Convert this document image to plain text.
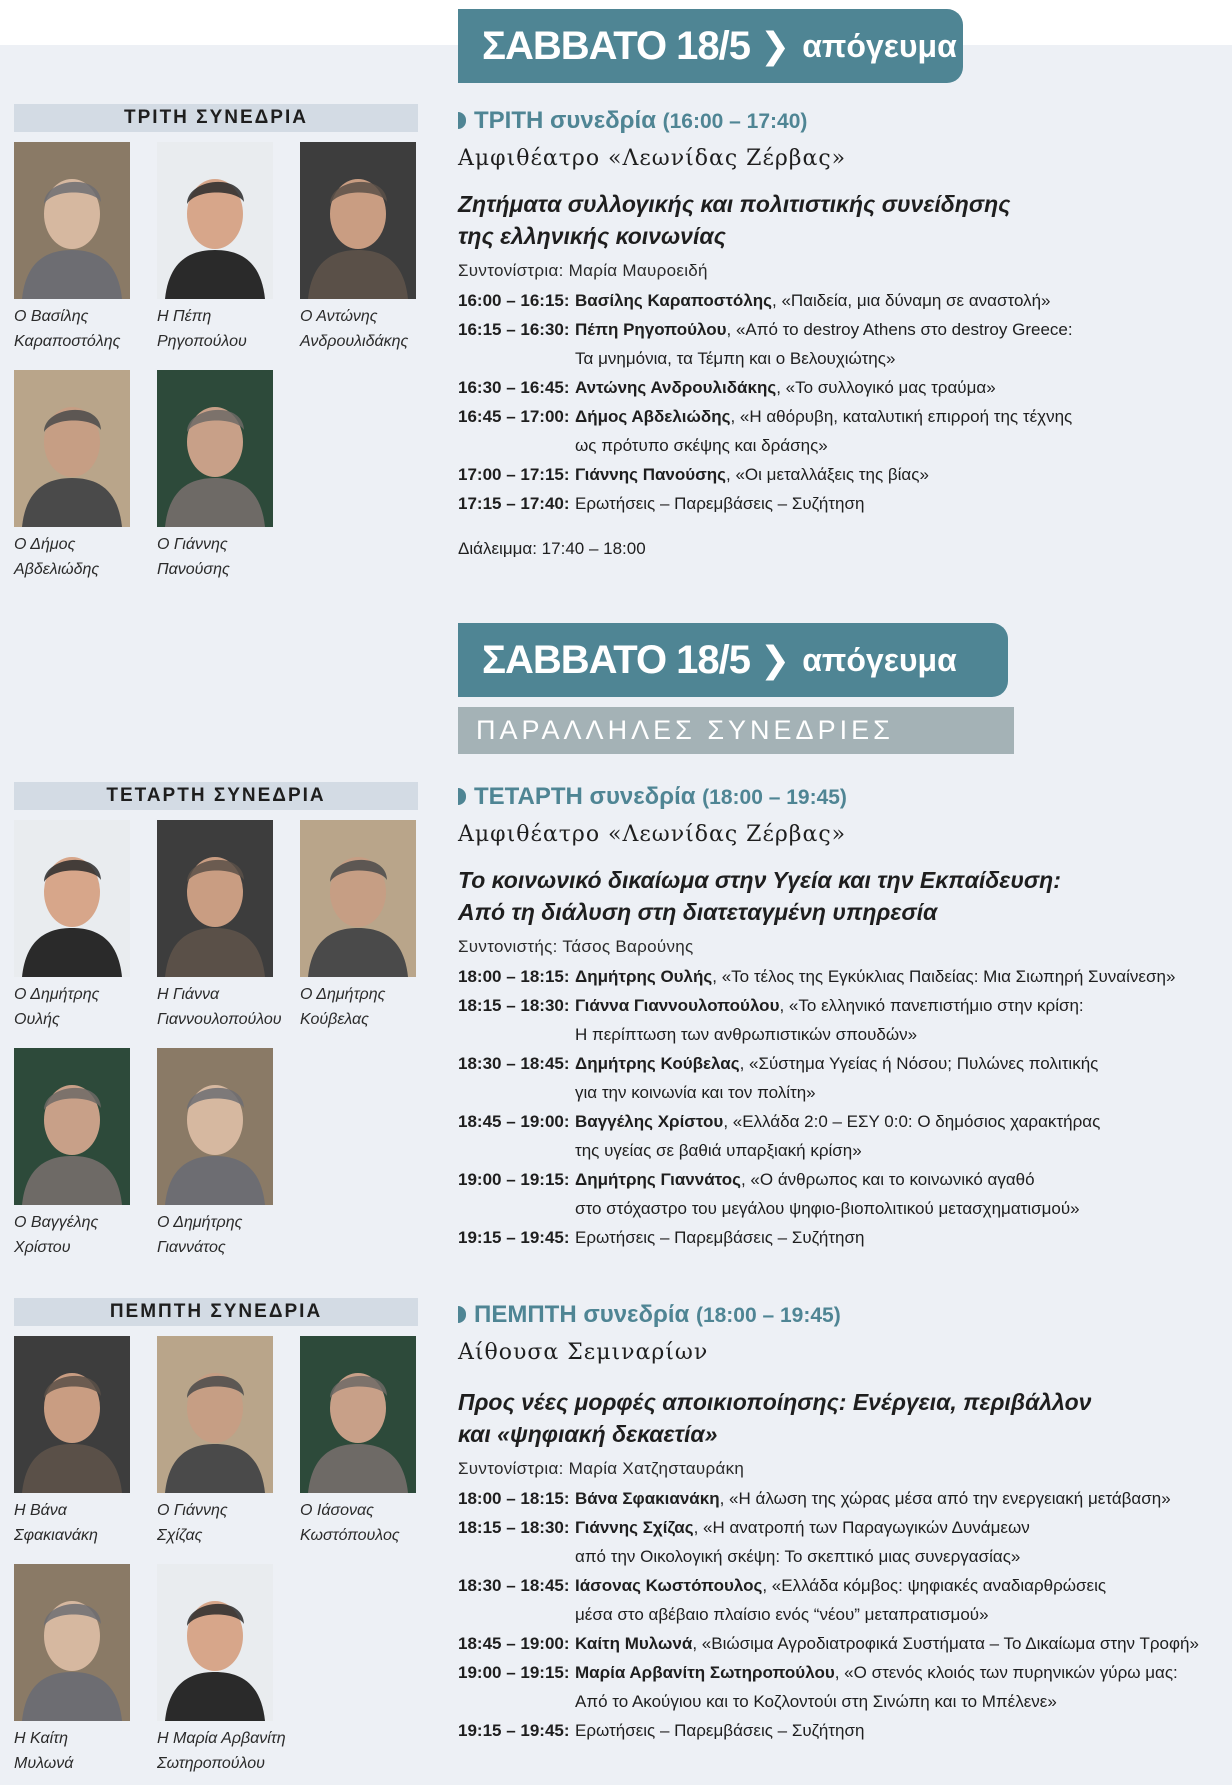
ΣΑΒΒΑΤΟ 18/5 ❯ απόγευμα
ΣΑΒΒΑΤΟ 18/5 ❯ απόγευμα
ΠΑΡΑΛΛΗΛΕΣ ΣΥΝΕΔΡΙΕΣ
ΤΡΙΤΗ ΣΥΝΕΔΡΙΑ
ΤΕΤΑΡΤΗ ΣΥΝΕΔΡΙΑ
ΠΕΜΠΤΗ ΣΥΝΕΔΡΙΑ
Ο Βασίλης
Καραποστόλης
Η Πέπη
Ρηγοπούλου
Ο Αντώνης
Ανδρουλιδάκης
Ο Δήμος
Αβδελιώδης
Ο Γιάννης
Πανούσης
Ο Δημήτρης
Ουλής
Η Γιάννα
Γιαννουλοπούλου
Ο Δημήτρης
Κούβελας
Ο Βαγγέλης
Χρίστου
Ο Δημήτρης
Γιαννάτος
Η Βάνα
Σφακιανάκη
Ο Γιάννης
Σχίζας
Ο Ιάσονας
Κωστόπουλος
Η Καίτη
Μυλωνά
Η Μαρία Αρβανίτη
Σωτηροπούλου
ΤΡΙΤΗ συνεδρία (16:00 – 17:40)
Αμφιθέατρο «Λεωνίδας Ζέρβας»
Ζητήματα συλλογικής και πολιτιστικής συνείδησης
της ελληνικής κοινωνίας
Συντονίστρια: Μαρία Μαυροειδή
16:00 – 16:15: Βασίλης Καραποστόλης, «Παιδεία, μια δύναμη σε αναστολή»
16:15 – 16:30: Πέπη Ρηγοπούλου, «Από το destroy Athens στο destroy Greece:
Τα μνημόνια, τα Τέμπη και ο Βελουχιώτης»
16:30 – 16:45: Αντώνης Ανδρουλιδάκης, «Το συλλογικό μας τραύμα»
16:45 – 17:00: Δήμος Αβδελιώδης, «Η αθόρυβη, καταλυτική επιρροή της τέχνης
ως πρότυπο σκέψης και δράσης»
17:00 – 17:15: Γιάννης Πανούσης, «Οι μεταλλάξεις της βίας»
17:15 – 17:40: Ερωτήσεις – Παρεμβάσεις – Συζήτηση
Διάλειμμα: 17:40 – 18:00
ΤΕΤΑΡΤΗ συνεδρία (18:00 – 19:45)
Αμφιθέατρο «Λεωνίδας Ζέρβας»
Το κοινωνικό δικαίωμα στην Υγεία και την Εκπαίδευση:
Από τη διάλυση στη διατεταγμένη υπηρεσία
Συντονιστής: Τάσος Βαρούνης
18:00 – 18:15: Δημήτρης Ουλής, «Το τέλος της Εγκύκλιας Παιδείας: Μια Σιωπηρή Συναίνεση»
18:15 – 18:30: Γιάννα Γιαννουλοπούλου, «Το ελληνικό πανεπιστήμιο στην κρίση:
Η περίπτωση των ανθρωπιστικών σπουδών»
18:30 – 18:45: Δημήτρης Κούβελας, «Σύστημα Υγείας ή Νόσου; Πυλώνες πολιτικής
για την κοινωνία και τον πολίτη»
18:45 – 19:00: Βαγγέλης Χρίστου, «Ελλάδα 2:0 – ΕΣΥ 0:0: Ο δημόσιος χαρακτήρας
της υγείας σε βαθιά υπαρξιακή κρίση»
19:00 – 19:15: Δημήτρης Γιαννάτος, «Ο άνθρωπος και το κοινωνικό αγαθό
στο στόχαστρο του μεγάλου ψηφιο-βιοπολιτικού μετασχηματισμού»
19:15 – 19:45: Ερωτήσεις – Παρεμβάσεις – Συζήτηση
ΠΕΜΠΤΗ συνεδρία (18:00 – 19:45)
Αίθουσα Σεμιναρίων
Προς νέες μορφές αποικιοποίησης: Ενέργεια, περιβάλλον
και «ψηφιακή δεκαετία»
Συντονίστρια: Μαρία Χατζησταυράκη
18:00 – 18:15: Βάνα Σφακιανάκη, «Η άλωση της χώρας μέσα από την ενεργειακή μετάβαση»
18:15 – 18:30: Γιάννης Σχίζας, «Η ανατροπή των Παραγωγικών Δυνάμεων
από την Οικολογική σκέψη: Το σκεπτικό μιας συνεργασίας»
18:30 – 18:45: Ιάσονας Κωστόπουλος, «Ελλάδα κόμβος: ψηφιακές αναδιαρθρώσεις
μέσα στο αβέβαιο πλαίσιο ενός “νέου” μεταπρατισμού»
18:45 – 19:00: Καίτη Μυλωνά, «Βιώσιμα Αγροδιατροφικά Συστήματα – Το Δικαίωμα στην Τροφή»
19:00 – 19:15: Μαρία Αρβανίτη Σωτηροπούλου, «Ο στενός κλοιός των πυρηνικών γύρω μας:
Από το Ακούγιου και το Κοζλοντούι στη Σινώπη και το Μπέλενε»
19:15 – 19:45: Ερωτήσεις – Παρεμβάσεις – Συζήτηση
